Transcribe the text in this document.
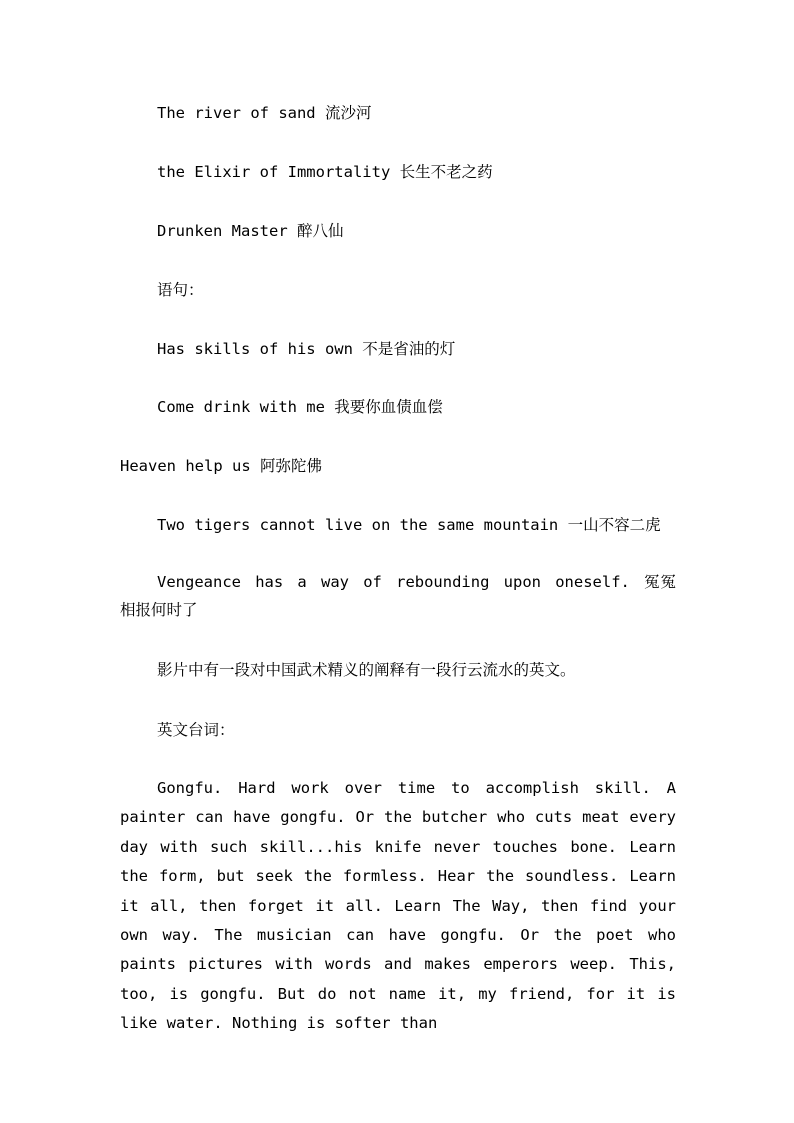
The river of sand 流沙河
the Elixir of Immortality 长生不老之药
Drunken Master 醉八仙
语句：
Has skills of his own 不是省油的灯
Come drink with me 我要你血债血偿
Heaven help us 阿弥陀佛
Two tigers cannot live on the same mountain 一山不容二虎
Vengeance has a way of rebounding upon oneself. 冤冤相报何时了
影片中有一段对中国武术精义的阐释有一段行云流水的英文。
英文台词：
Gongfu. Hard work over time to accomplish skill. A painter can have gongfu. Or the butcher who cuts meat every day with such skill...his knife never touches bone. Learn the form, but seek the formless. Hear the soundless. Learn it all, then forget it all. Learn The Way, then find your own way. The musician can have gongfu. Or the poet who paints pictures with words and makes emperors weep. This, too, is gongfu. But do not name it, my friend, for it is like water. Nothing is softer than
